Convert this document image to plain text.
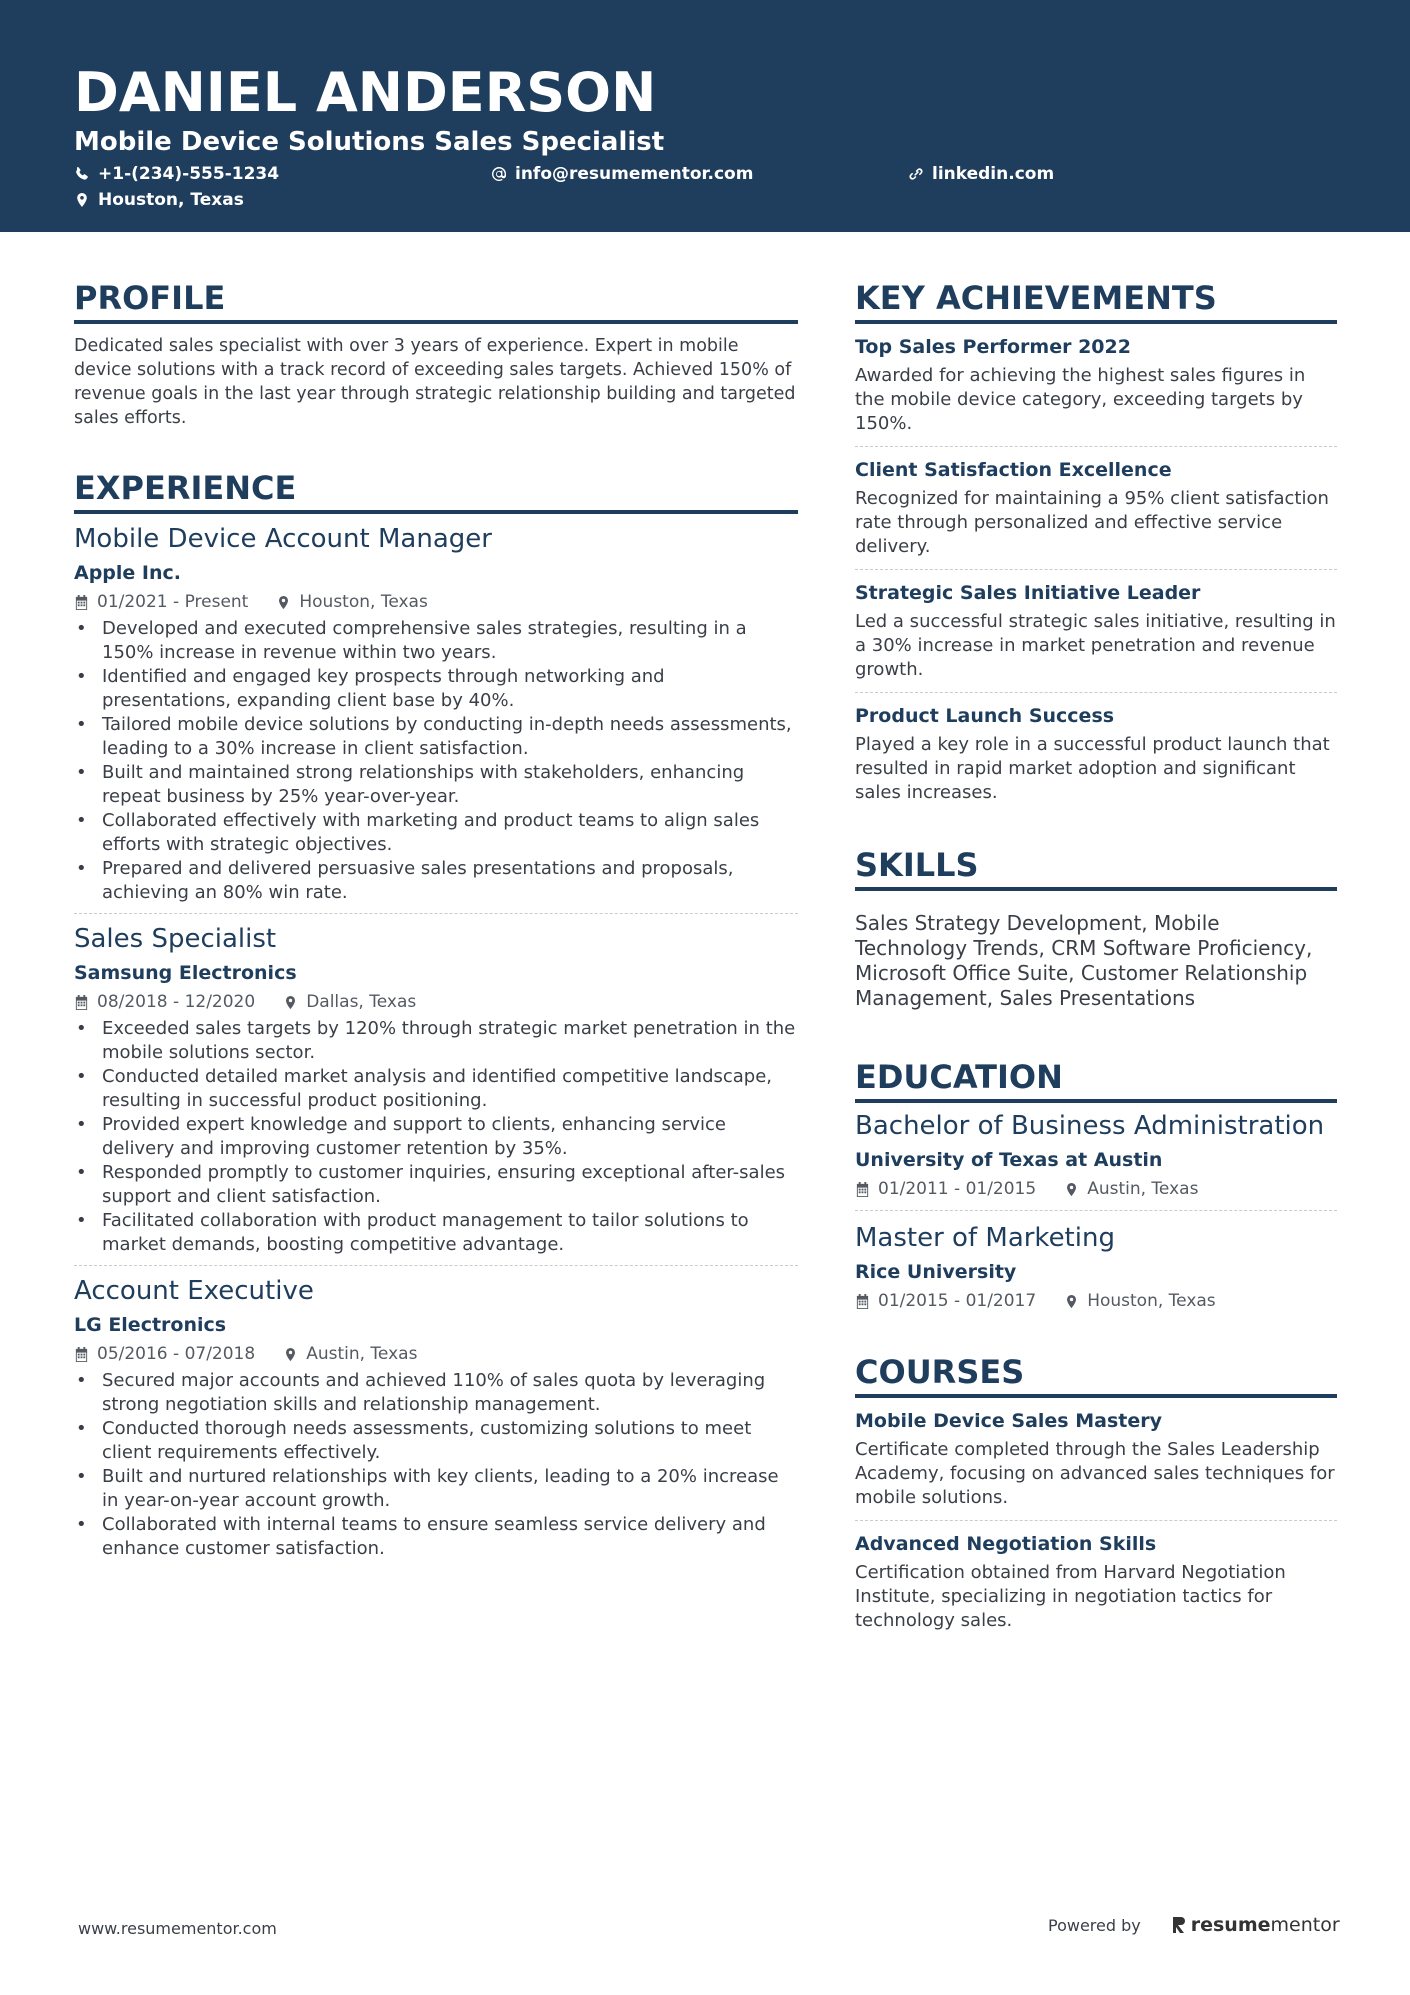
DANIEL ANDERSON
Mobile Device Solutions Sales Specialist
+1-(234)-555-1234	info@resumementor.com	linkedin.com
Houston, Texas
PROFILE
Dedicated sales specialist with over 3 years of experience. Expert in mobile device solutions with a track record of exceeding sales targets. Achieved 150% of revenue goals in the last year through strategic relationship building and targeted sales efforts.
EXPERIENCE
Mobile Device Account Manager
Apple Inc.
01/2021 - Present	Houston, Texas
• Developed and executed comprehensive sales strategies, resulting in a 150% increase in revenue within two years.
• Identified and engaged key prospects through networking and presentations, expanding client base by 40%.
• Tailored mobile device solutions by conducting in-depth needs assessments, leading to a 30% increase in client satisfaction.
• Built and maintained strong relationships with stakeholders, enhancing repeat business by 25% year-over-year.
• Collaborated effectively with marketing and product teams to align sales efforts with strategic objectives.
• Prepared and delivered persuasive sales presentations and proposals, achieving an 80% win rate.
Sales Specialist
Samsung Electronics
08/2018 - 12/2020	Dallas, Texas
• Exceeded sales targets by 120% through strategic market penetration in the mobile solutions sector.
• Conducted detailed market analysis and identified competitive landscape, resulting in successful product positioning.
• Provided expert knowledge and support to clients, enhancing service delivery and improving customer retention by 35%.
• Responded promptly to customer inquiries, ensuring exceptional after-sales support and client satisfaction.
• Facilitated collaboration with product management to tailor solutions to market demands, boosting competitive advantage.
Account Executive
LG Electronics
05/2016 - 07/2018	Austin, Texas
• Secured major accounts and achieved 110% of sales quota by leveraging strong negotiation skills and relationship management.
• Conducted thorough needs assessments, customizing solutions to meet client requirements effectively.
• Built and nurtured relationships with key clients, leading to a 20% increase in year-on-year account growth.
• Collaborated with internal teams to ensure seamless service delivery and enhance customer satisfaction.
KEY ACHIEVEMENTS
Top Sales Performer 2022
Awarded for achieving the highest sales figures in the mobile device category, exceeding targets by 150%.
Client Satisfaction Excellence
Recognized for maintaining a 95% client satisfaction rate through personalized and effective service delivery.
Strategic Sales Initiative Leader
Led a successful strategic sales initiative, resulting in a 30% increase in market penetration and revenue growth.
Product Launch Success
Played a key role in a successful product launch that resulted in rapid market adoption and significant sales increases.
SKILLS
Sales Strategy Development, Mobile Technology Trends, CRM Software Proficiency, Microsoft Office Suite, Customer Relationship Management, Sales Presentations
EDUCATION
Bachelor of Business Administration
University of Texas at Austin
01/2011 - 01/2015	Austin, Texas
Master of Marketing
Rice University
01/2015 - 01/2017	Houston, Texas
COURSES
Mobile Device Sales Mastery
Certificate completed through the Sales Leadership Academy, focusing on advanced sales techniques for mobile solutions.
Advanced Negotiation Skills
Certification obtained from Harvard Negotiation Institute, specializing in negotiation tactics for technology sales.
www.resumementor.com	Powered by	resume mentor
